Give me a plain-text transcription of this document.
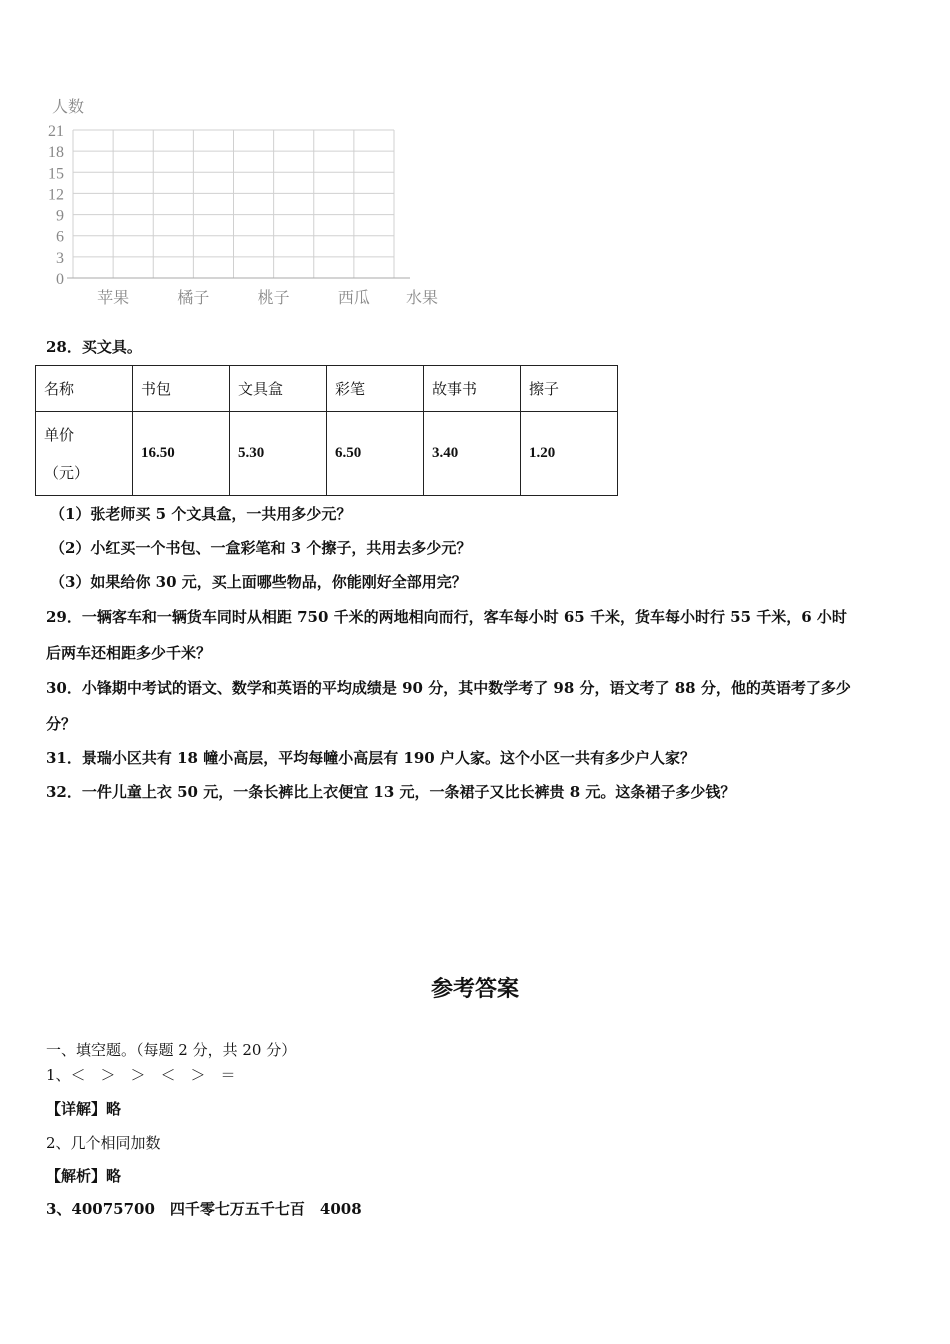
人数
0
3
6
9
12
15
18
21
苹果	橘子	桃子	西瓜 水果
28．买文具。
名称	书包	文具盒	彩笔	故事书	擦子

单价
（元）	16.50	5.30	6.50	3.40	1.20
（1）张老师买 5 个文具盒，一共用多少元？
（2）小红买一个书包、一盒彩笔和 3 个擦子，共用去多少元？
（3）如果给你 30 元，买上面哪些物品，你能刚好全部用完？
29．一辆客车和一辆货车同时从相距 750 千米的两地相向而行，客车每小时 65 千米，货车每小时行 55 千米，6 小时
后两车还相距多少千米？
30．小锋期中考试的语文、数学和英语的平均成绩是 90 分，其中数学考了 98 分，语文考了 88 分，他的英语考了多少
分？
31．景瑞小区共有 18 幢小高层，平均每幢小高层有 190 户人家。这个小区一共有多少户人家？
32．一件儿童上衣 50 元，一条长裤比上衣便宜 13 元，一条裙子又比长裤贵 8 元。这条裙子多少钱？
参考答案
一、填空题。（每题 2 分，共 20 分）
1、＜　＞　＞　＜　＞　＝
【详解】略
2、几个相同加数
【解析】略
3、40075700　四千零七万五千七百　4008
